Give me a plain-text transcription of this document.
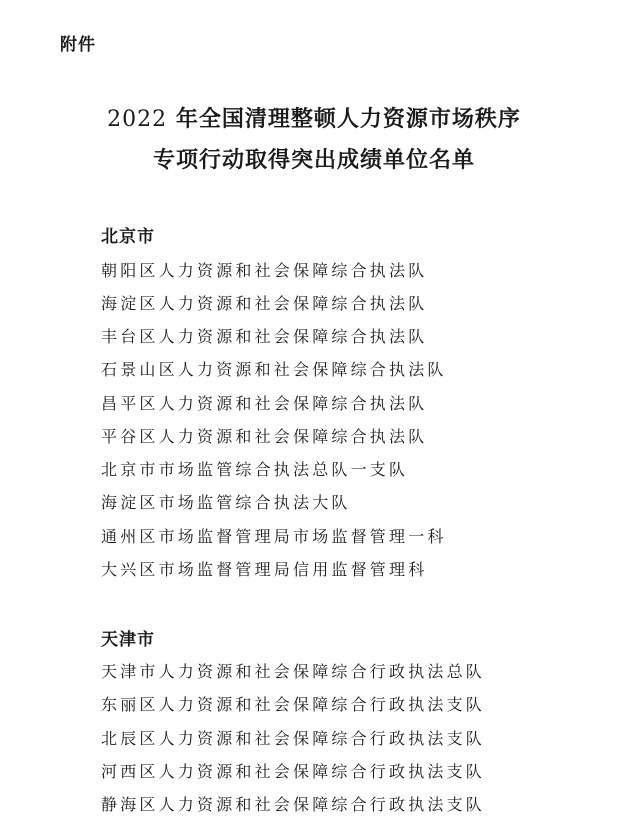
附件
2022 年全国清理整顿人力资源市场秩序
专项行动取得突出成绩单位名单
北京市
朝阳区人力资源和社会保障综合执法队
海淀区人力资源和社会保障综合执法队
丰台区人力资源和社会保障综合执法队
石景山区人力资源和社会保障综合执法队
昌平区人力资源和社会保障综合执法队
平谷区人力资源和社会保障综合执法队
北京市市场监管综合执法总队一支队
海淀区市场监管综合执法大队
通州区市场监督管理局市场监督管理一科
大兴区市场监督管理局信用监督管理科
天津市
天津市人力资源和社会保障综合行政执法总队
东丽区人力资源和社会保障综合行政执法支队
北辰区人力资源和社会保障综合行政执法支队
河西区人力资源和社会保障综合行政执法支队
静海区人力资源和社会保障综合行政执法支队
